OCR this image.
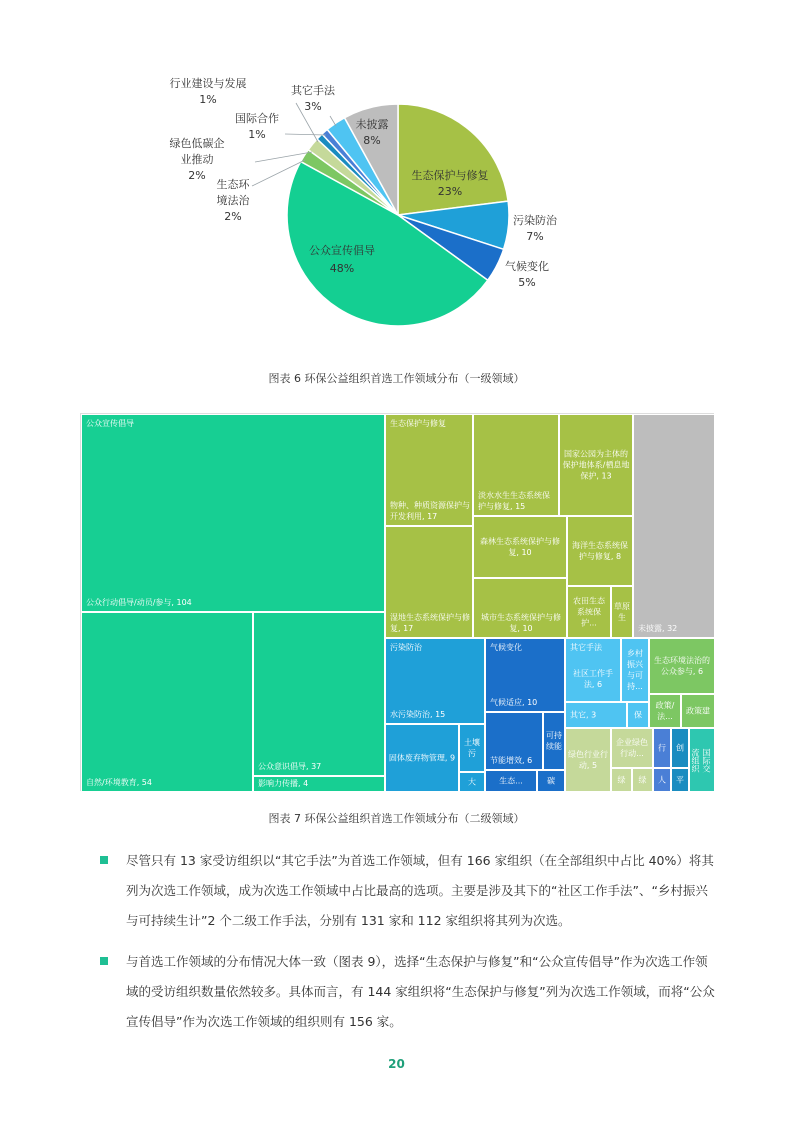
生态保护与修复
23%
污染防治
7%
气候变化
5%
公众宣传倡导
48%
生态环
境法治
2%
绿色低碳企
业推动
2%
国际合作
1%
行业建设与发展
1%
其它手法
3%
未披露
8%
图表 6 环保公益组织首选工作领域分布（一级领域）
公众宣传倡导
公众行动倡导/动员/参与, 104
自然/环境教育, 54
公众意识倡导, 37
影响力传播, 4
生态保护与修复
物种、种质资源保护与开发利用, 17
湿地生态系统保护与修复, 17
淡水水生生态系统保护与修复, 15
国家公园为主体的保护地体系/栖息地保护, 13
森林生态系统保护与修复, 10
城市生态系统保护与修复, 10
海洋生态系统保护与修复, 8
农田生态系统保护...
草原生
未披露, 32
污染防治
水污染防治, 15
固体废弃物管理, 9
土壤污
大
气候变化
气候适应, 10
节能增效, 6
可持续能
生态...	碳
其它手法
社区工作手法, 6
乡村振兴与可持...
其它, 3	保
生态环境法治的公众参与, 6
政策/法...
政策建
绿色行业行动, 5
企业绿色行动...
绿	绿
行
人
创
平
国际交流组织
图表 7 环保公益组织首选工作领域分布（二级领域）
尽管只有 13 家受访组织以“其它手法”为首选工作领域，但有 166 家组织（在全部组织中占比 40%）将其列为次选工作领域，成为次选工作领域中占比最高的选项。主要是涉及其下的“社区工作手法”、“乡村振兴与可持续生计”2 个二级工作手法，分别有 131 家和 112 家组织将其列为次选。
与首选工作领域的分布情况大体一致（图表 9），选择“生态保护与修复”和“公众宣传倡导”作为次选工作领域的受访组织数量依然较多。具体而言，有 144 家组织将“生态保护与修复”列为次选工作领域，而将“公众宣传倡导”作为次选工作领域的组织则有 156 家。
20
